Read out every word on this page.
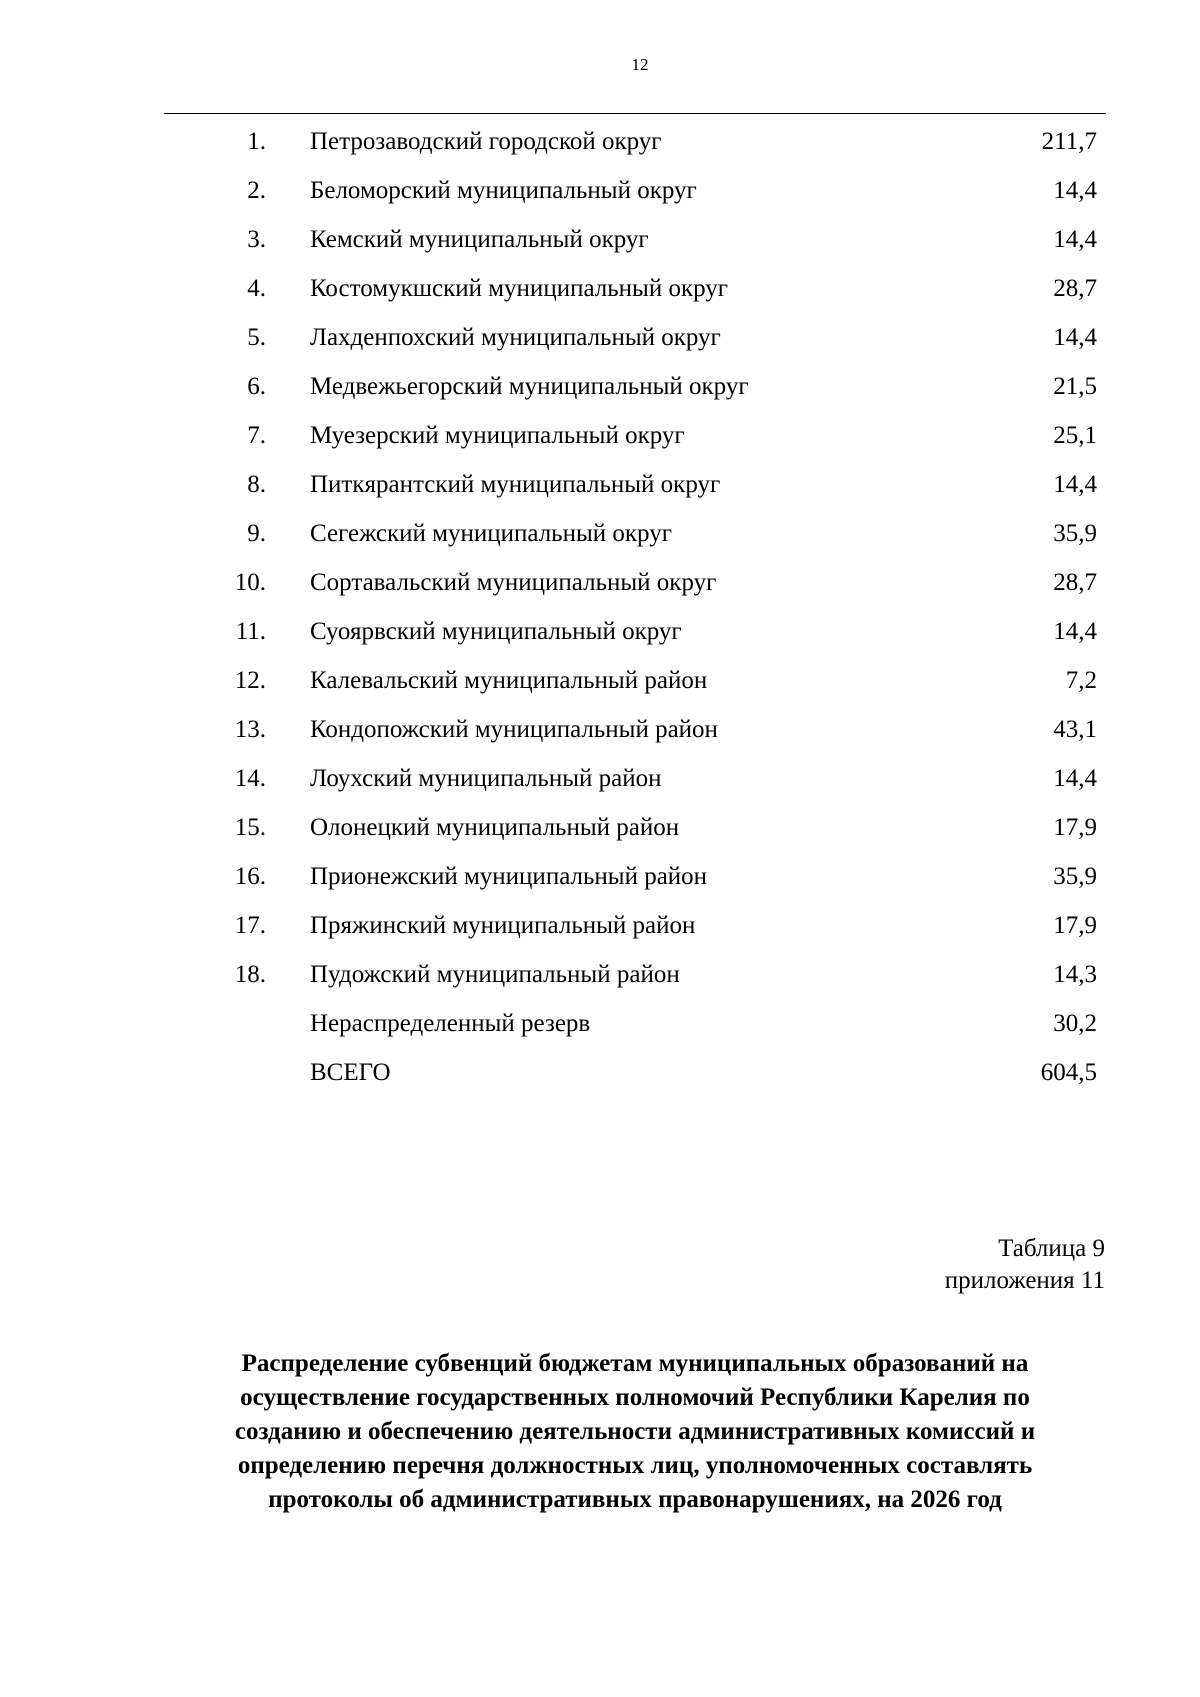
12
1. Петрозаводский городской округ	211,7
2. Беломорский муниципальный округ	14,4
3. Кемский муниципальный округ	14,4
4. Костомукшский муниципальный округ	28,7
5. Лахденпохский муниципальный округ	14,4
6. Медвежьегорский муниципальный округ	21,5
7. Муезерский муниципальный округ	25,1
8. Питкярантский муниципальный округ	14,4
9. Сегежский муниципальный округ	35,9
10. Сортавальский муниципальный округ	28,7
11. Суоярвский муниципальный округ	14,4
12. Калевальский муниципальный район	7,2
13. Кондопожский муниципальный район	43,1
14. Лоухский муниципальный район	14,4
15. Олонецкий муниципальный район	17,9
16. Прионежский муниципальный район	35,9
17. Пряжинский муниципальный район	17,9
18. Пудожский муниципальный район	14,3
Нераспределенный резерв	30,2
ВСЕГО	604,5
Таблица 9
приложения 11
Распределение субвенций бюджетам муниципальных образований на
осуществление государственных полномочий Республики Карелия по
созданию и обеспечению деятельности административных комиссий и
определению перечня должностных лиц, уполномоченных составлять
протоколы об административных правонарушениях, на 2026 год
